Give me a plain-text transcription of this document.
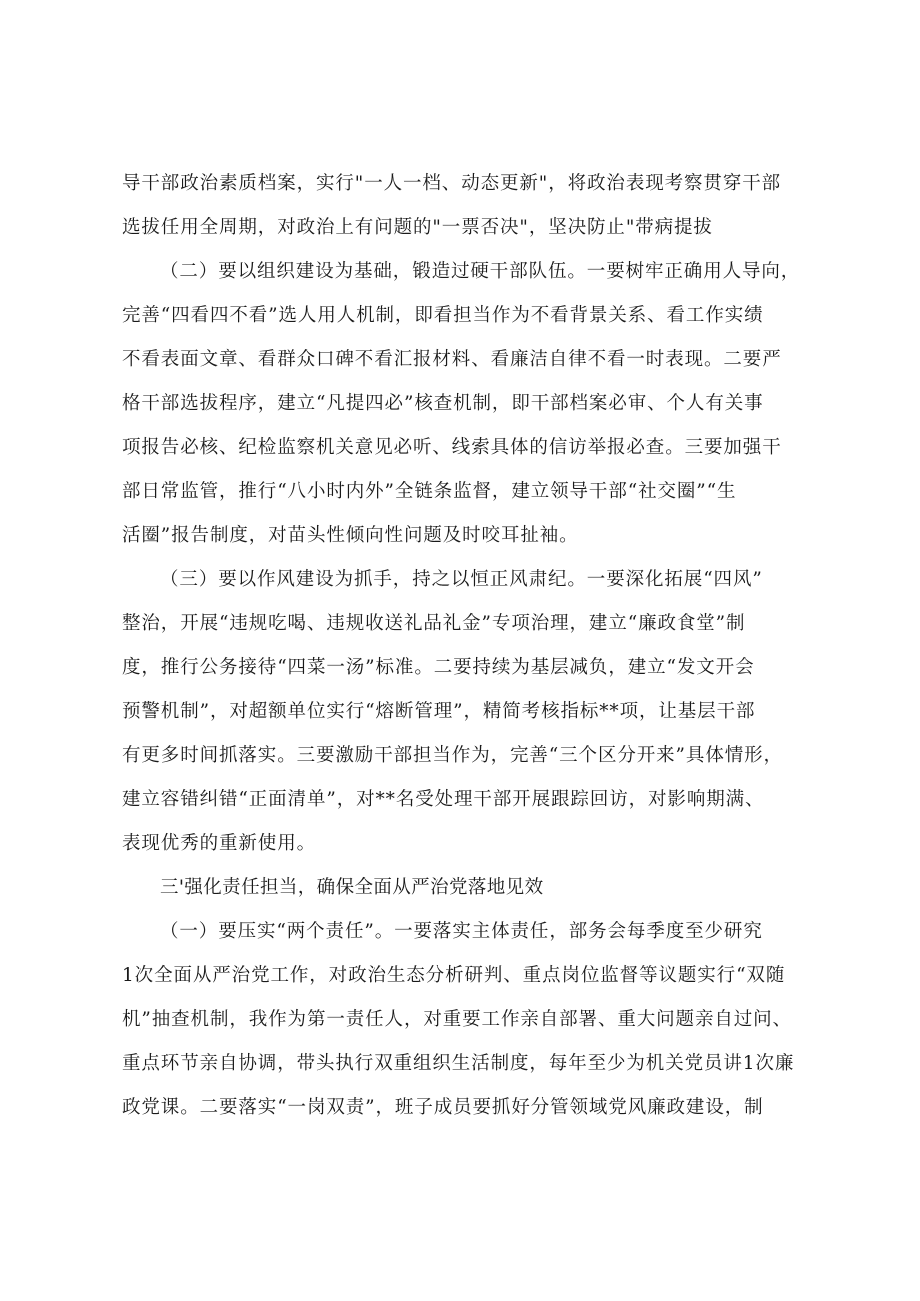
导干部政治素质档案，实行"一人一档、动态更新"，将政治表现考察贯穿干部
选拔任用全周期，对政治上有问题的"一票否决"，坚决防止"带病提拔
（二）要以组织建设为基础，锻造过硬干部队伍。一要树牢正确用人导向，
完善“四看四不看”选人用人机制，即看担当作为不看背景关系、看工作实绩
不看表面文章、看群众口碑不看汇报材料、看廉洁自律不看一时表现。二要严
格干部选拔程序，建立“凡提四必”核查机制，即干部档案必审、个人有关事
项报告必核、纪检监察机关意见必听、线索具体的信访举报必查。三要加强干
部日常监管，推行“八小时内外”全链条监督，建立领导干部“社交圈”“生
活圈”报告制度，对苗头性倾向性问题及时咬耳扯袖。
（三）要以作风建设为抓手，持之以恒正风肃纪。一要深化拓展“四风”
整治，开展“违规吃喝、违规收送礼品礼金”专项治理，建立“廉政食堂”制
度，推行公务接待“四菜一汤”标准。二要持续为基层减负，建立“发文开会
预警机制”，对超额单位实行“熔断管理”，精简考核指标**项，让基层干部
有更多时间抓落实。三要激励干部担当作为，完善“三个区分开来”具体情形，
建立容错纠错“正面清单”，对**名受处理干部开展跟踪回访，对影响期满、
表现优秀的重新使用。
三'强化责任担当，确保全面从严治党落地见效
（一）要压实“两个责任”。一要落实主体责任，部务会每季度至少研究
1次全面从严治党工作，对政治生态分析研判、重点岗位监督等议题实行“双随
机”抽查机制，我作为第一责任人，对重要工作亲自部署、重大问题亲自过问、
重点环节亲自协调，带头执行双重组织生活制度，每年至少为机关党员讲1次廉
政党课。二要落实“一岗双责”，班子成员要抓好分管领域党风廉政建设，制
